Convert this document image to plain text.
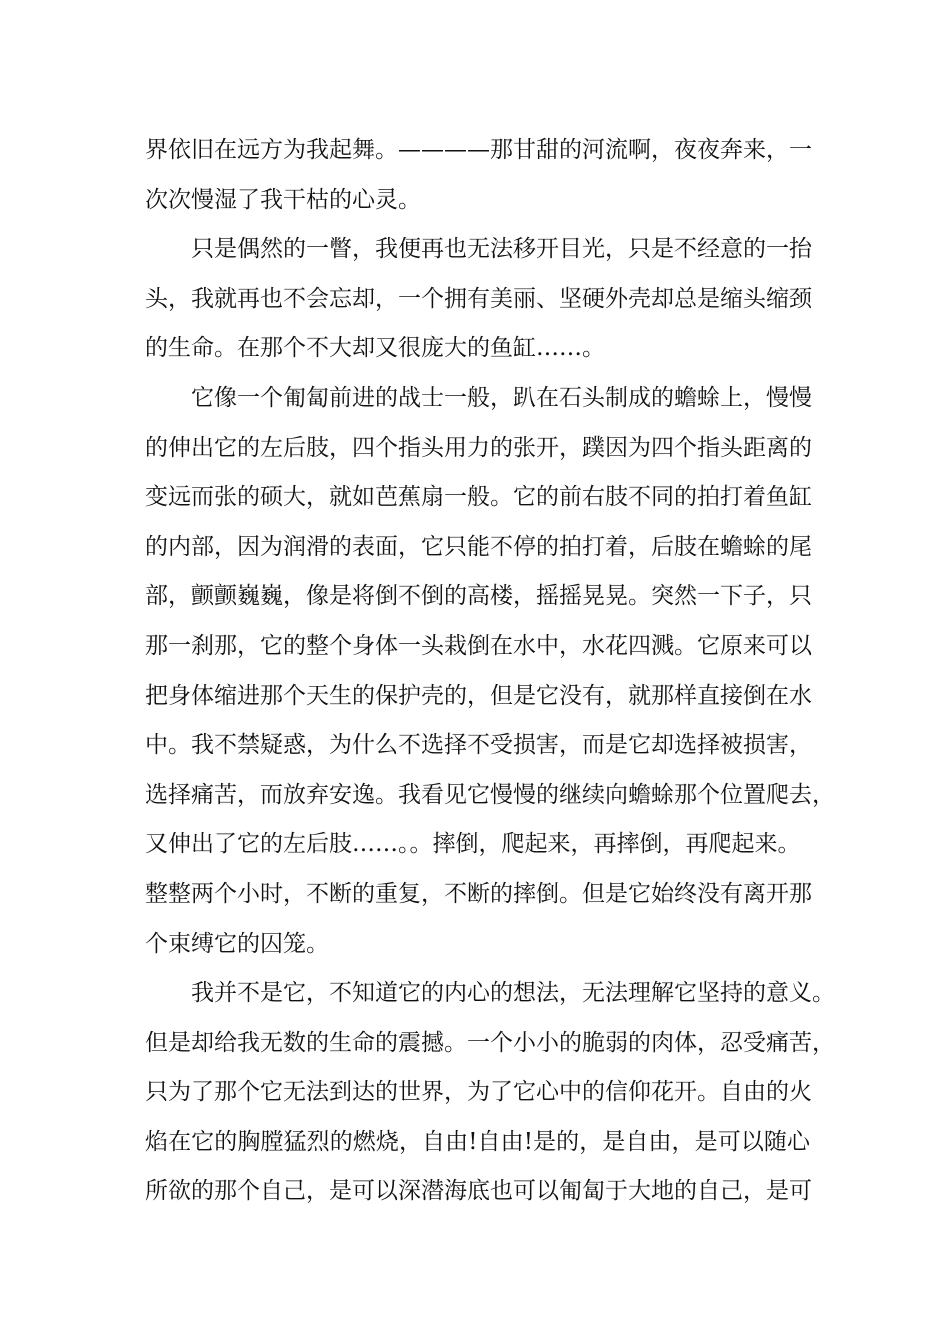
界依旧在远方为我起舞。————那甘甜的河流啊，夜夜奔来，一
次次慢湿了我干枯的心灵。
只是偶然的一瞥，我便再也无法移开目光，只是不经意的一抬
头，我就再也不会忘却，一个拥有美丽、坚硬外壳却总是缩头缩颈
的生命。在那个不大却又很庞大的鱼缸……。
它像一个匍匐前进的战士一般，趴在石头制成的蟾蜍上，慢慢
的伸出它的左后肢，四个指头用力的张开，蹼因为四个指头距离的
变远而张的硕大，就如芭蕉扇一般。它的前右肢不同的拍打着鱼缸
的内部，因为润滑的表面，它只能不停的拍打着，后肢在蟾蜍的尾
部，颤颤巍巍，像是将倒不倒的高楼，摇摇晃晃。突然一下子，只
那一刹那，它的整个身体一头栽倒在水中，水花四溅。它原来可以
把身体缩进那个天生的保护壳的，但是它没有，就那样直接倒在水
中。我不禁疑惑，为什么不选择不受损害，而是它却选择被损害，
选择痛苦，而放弃安逸。我看见它慢慢的继续向蟾蜍那个位置爬去，
又伸出了它的左后肢……。。摔倒，爬起来，再摔倒，再爬起来。
整整两个小时，不断的重复，不断的摔倒。但是它始终没有离开那
个束缚它的囚笼。
我并不是它，不知道它的内心的想法，无法理解它坚持的意义。
但是却给我无数的生命的震撼。一个小小的脆弱的肉体，忍受痛苦，
只为了那个它无法到达的世界，为了它心中的信仰花开。自由的火
焰在它的胸膛猛烈的燃烧，自由!自由!是的，是自由，是可以随心
所欲的那个自己，是可以深潜海底也可以匍匐于大地的自己，是可
